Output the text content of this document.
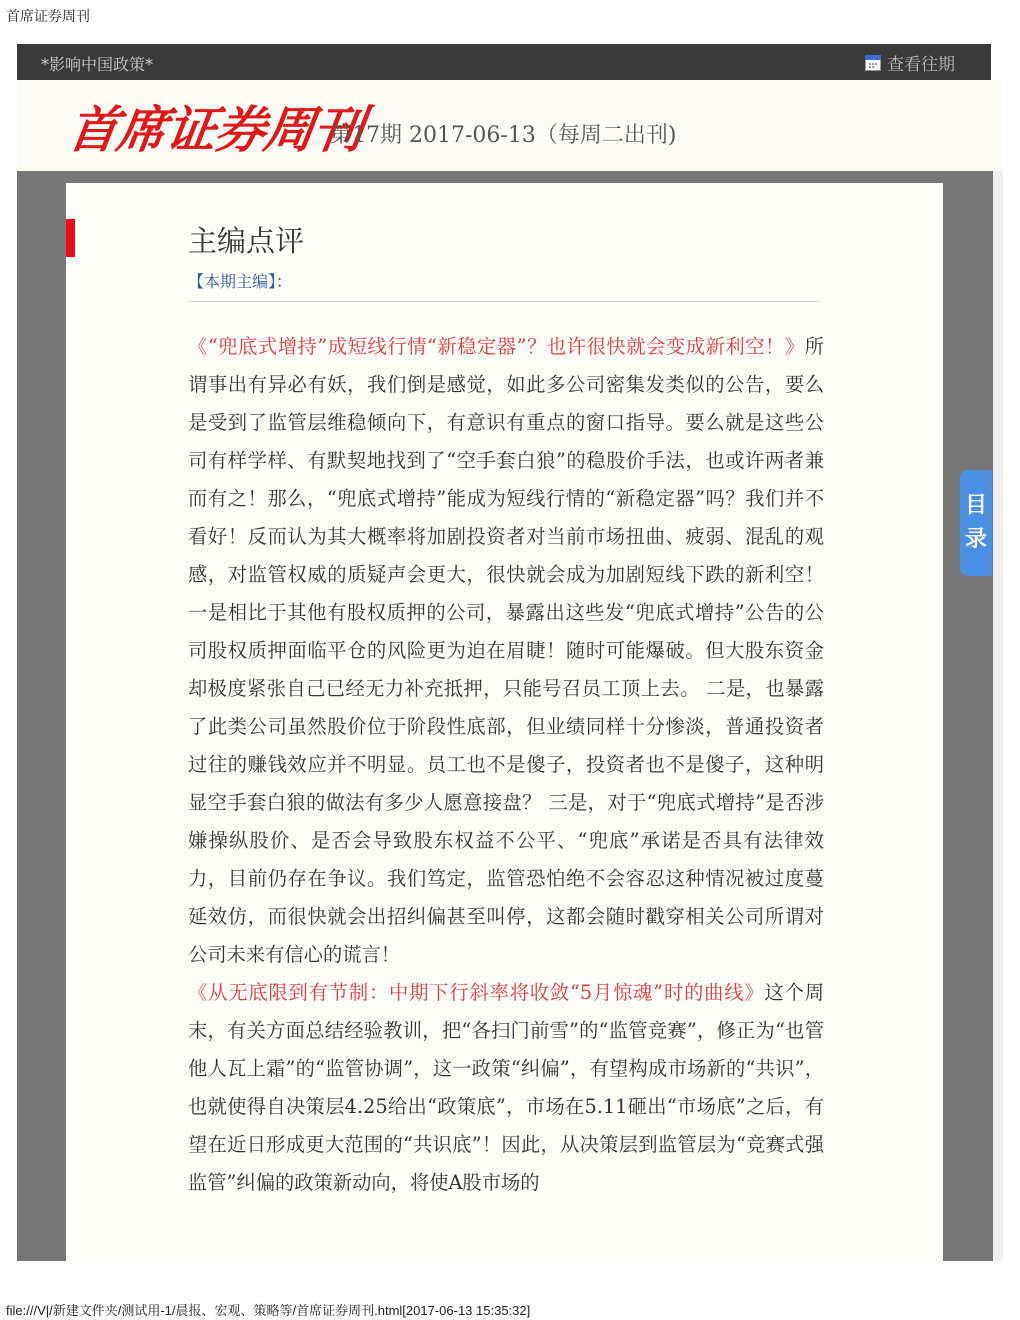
首席证券周刊
*影响中国政策*	查看往期
首席证券周刊
第17期 2017-06-13（每周二出刊)
主编点评
【本期主编】：

《“兜底式增持”成短线行情“新稳定器”？也许很快就会变成新利空！》所谓事出有异必有妖，我们倒是感觉，如此多公司密集发类似的公告，要么是受到了监管层维稳倾向下，有意识有重点的窗口指导。要么就是这些公司有样学样、有默契地找到了“空手套白狼”的稳股价手法，也或许两者兼而有之！那么，“兜底式增持”能成为短线行情的“新稳定器”吗？我们并不看好！反而认为其大概率将加剧投资者对当前市场扭曲、疲弱、混乱的观感，对监管权威的质疑声会更大，很快就会成为加剧短线下跌的新利空！ 一是相比于其他有股权质押的公司，暴露出这些发“兜底式增持”公告的公司股权质押面临平仓的风险更为迫在眉睫！随时可能爆破。但大股东资金却极度紧张自己已经无力补充抵押，只能号召员工顶上去。 二是，也暴露了此类公司虽然股价位于阶段性底部，但业绩同样十分惨淡，普通投资者过往的赚钱效应并不明显。员工也不是傻子，投资者也不是傻子，这种明显空手套白狼的做法有多少人愿意接盘？ 三是，对于“兜底式增持”是否涉嫌操纵股价、是否会导致股东权益不公平、“兜底”承诺是否具有法律效力，目前仍存在争议。我们笃定，监管恐怕绝不会容忍这种情况被过度蔓延效仿，而很快就会出招纠偏甚至叫停，这都会随时戳穿相关公司所谓对公司未来有信心的谎言！

《从无底限到有节制：中期下行斜率将收敛“5月惊魂”时的曲线》这个周末，有关方面总结经验教训，把“各扫门前雪”的“监管竞赛”，修正为“也管他人瓦上霜”的“监管协调”，这一政策“纠偏”，有望构成市场新的“共识”，也就使得自决策层4.25给出“政策底”，市场在5.11砸出“市场底”之后，有望在近日形成更大范围的“共识底”！因此，从决策层到监管层为“竞赛式强监管”纠偏的政策新动向，将使A股市场的

目
录
file:///V|/新建文件夹/测试用-1/晨报、宏观、策略等/首席证券周刊.html[2017-06-13 15:35:32]
